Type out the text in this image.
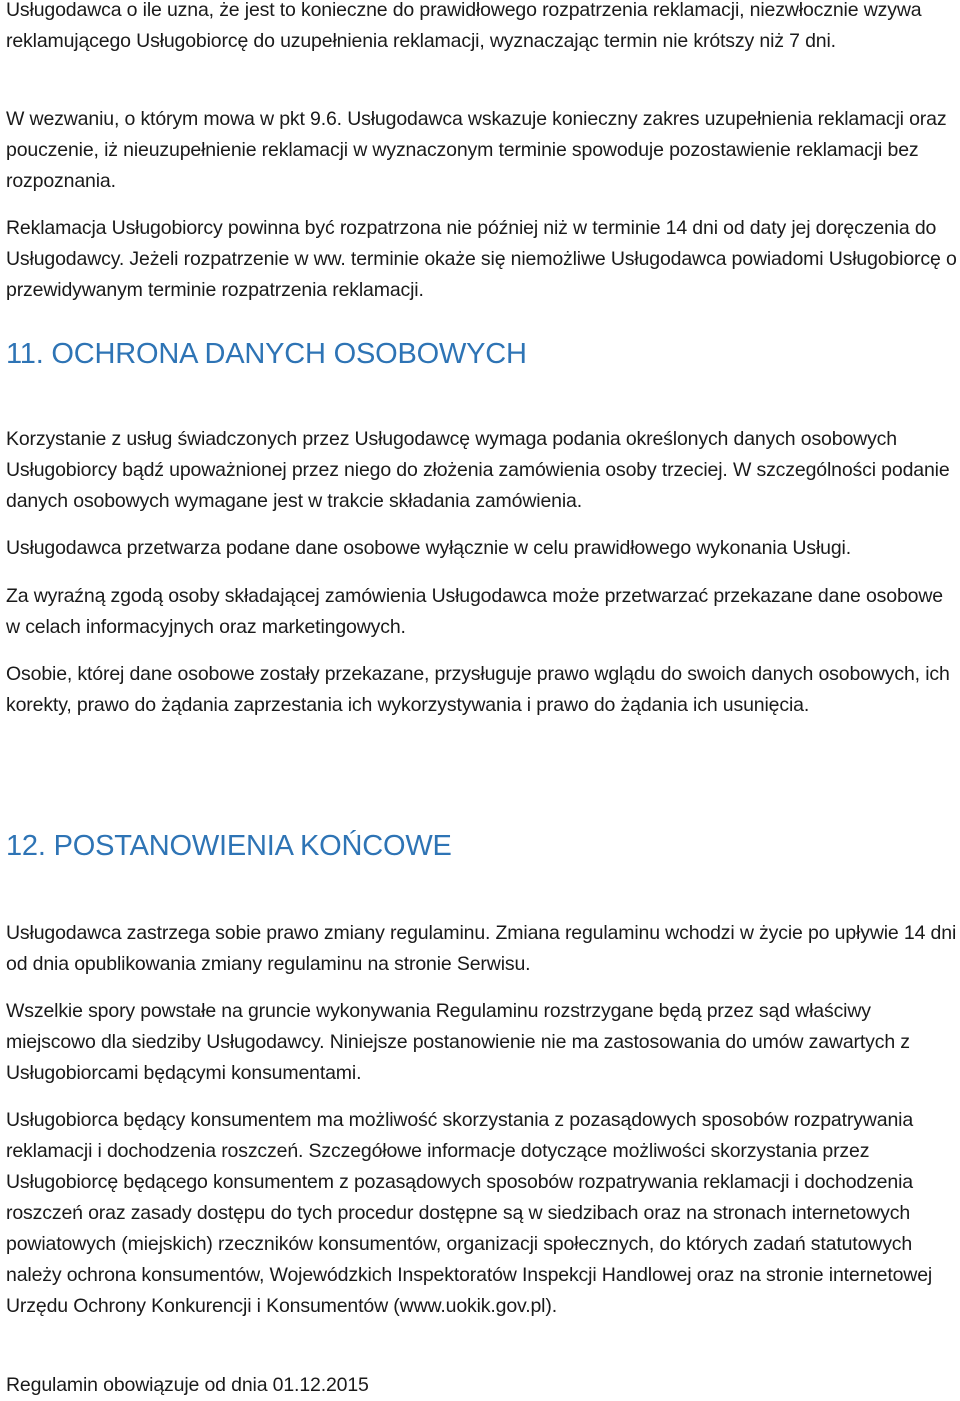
Usługodawca o ile uzna, że jest to konieczne do prawidłowego rozpatrzenia reklamacji, niezwłocznie wzywa reklamującego Usługobiorcę do uzupełnienia reklamacji, wyznaczając termin nie krótszy niż 7 dni.

W wezwaniu, o którym mowa w pkt 9.6. Usługodawca wskazuje konieczny zakres uzupełnienia reklamacji oraz pouczenie, iż nieuzupełnienie reklamacji w wyznaczonym terminie spowoduje pozostawienie reklamacji bez rozpoznania.

Reklamacja Usługobiorcy powinna być rozpatrzona nie później niż w terminie 14 dni od daty jej doręczenia do Usługodawcy. Jeżeli rozpatrzenie w ww. terminie okaże się niemożliwe Usługodawca powiadomi Usługobiorcę o przewidywanym terminie rozpatrzenia reklamacji.

11. OCHRONA DANYCH OSOBOWYCH

Korzystanie z usług świadczonych przez Usługodawcę wymaga podania określonych danych osobowych Usługobiorcy bądź upoważnionej przez niego do złożenia zamówienia osoby trzeciej. W szczególności podanie danych osobowych wymagane jest w trakcie składania zamówienia.

Usługodawca przetwarza podane dane osobowe wyłącznie w celu prawidłowego wykonania Usługi.

Za wyraźną zgodą osoby składającej zamówienia Usługodawca może przetwarzać przekazane dane osobowe w celach informacyjnych oraz marketingowych.

Osobie, której dane osobowe zostały przekazane, przysługuje prawo wglądu do swoich danych osobowych, ich korekty, prawo do żądania zaprzestania ich wykorzystywania i prawo do żądania ich usunięcia.

12. POSTANOWIENIA KOŃCOWE

Usługodawca zastrzega sobie prawo zmiany regulaminu. Zmiana regulaminu wchodzi w życie po upływie 14 dni od dnia opublikowania zmiany regulaminu na stronie Serwisu.

Wszelkie spory powstałe na gruncie wykonywania Regulaminu rozstrzygane będą przez sąd właściwy miejscowo dla siedziby Usługodawcy. Niniejsze postanowienie nie ma zastosowania do umów zawartych z Usługobiorcami będącymi konsumentami.

Usługobiorca będący konsumentem ma możliwość skorzystania z pozasądowych sposobów rozpatrywania reklamacji i dochodzenia roszczeń. Szczegółowe informacje dotyczące możliwości skorzystania przez Usługobiorcę będącego konsumentem z pozasądowych sposobów rozpatrywania reklamacji i dochodzenia roszczeń oraz zasady dostępu do tych procedur dostępne są w siedzibach oraz na stronach internetowych powiatowych (miejskich) rzeczników konsumentów, organizacji społecznych, do których zadań statutowych należy ochrona konsumentów, Wojewódzkich Inspektoratów Inspekcji Handlowej oraz na stronie internetowej Urzędu Ochrony Konkurencji i Konsumentów (www.uokik.gov.pl).

Regulamin obowiązuje od dnia 01.12.2015
